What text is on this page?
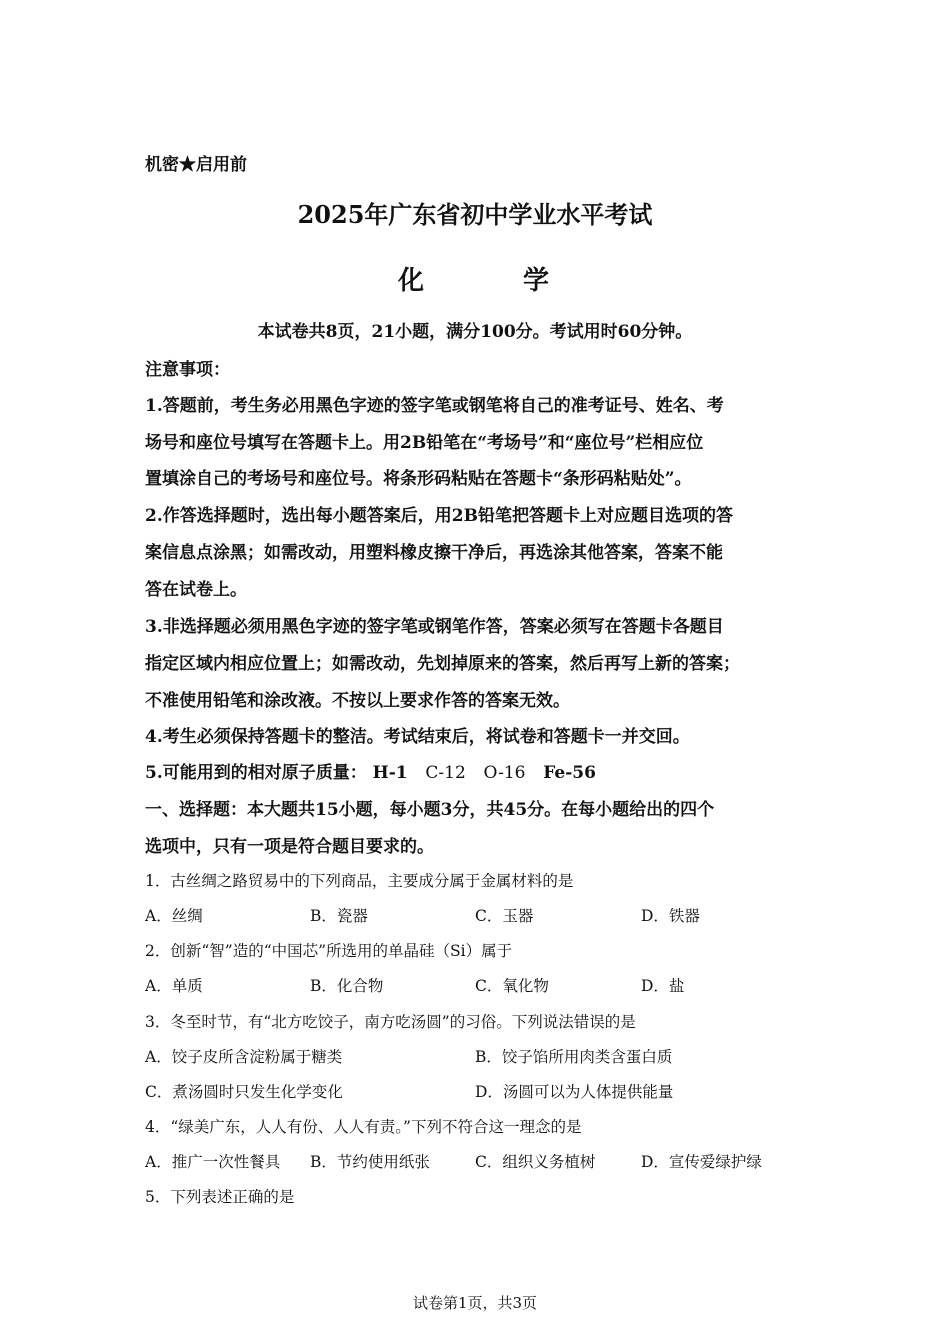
机密★启用前
2025年广东省初中学业水平考试
化	学
本试卷共8页，21小题，满分100分。考试用时60分钟。
注意事项：
1.答题前，考生务必用黑色字迹的签字笔或钢笔将自己的准考证号、姓名、考
场号和座位号填写在答题卡上。用2B铅笔在“考场号”和“座位号”栏相应位
置填涂自己的考场号和座位号。将条形码粘贴在答题卡“条形码粘贴处”。
2.作答选择题时，选出每小题答案后，用2B铅笔把答题卡上对应题目选项的答
案信息点涂黑；如需改动，用塑料橡皮擦干净后，再选涂其他答案，答案不能
答在试卷上。
3.非选择题必须用黑色字迹的签字笔或钢笔作答，答案必须写在答题卡各题目
指定区域内相应位置上；如需改动，先划掉原来的答案，然后再写上新的答案；
不准使用铅笔和涂改液。不按以上要求作答的答案无效。
4.考生必须保持答题卡的整洁。考试结束后，将试卷和答题卡一并交回。
5.可能用到的相对原子质量： H-1 C-12 O-16 Fe-56
一、选择题：本大题共15小题，每小题3分，共45分。在每小题给出的四个
选项中，只有一项是符合题目要求的。
1．古丝绸之路贸易中的下列商品，主要成分属于金属材料的是
A．丝绸	B．瓷器	C．玉器	D．铁器
2．创新“智”造的“中国芯”所选用的单晶硅（Si）属于
A．单质	B．化合物	C．氧化物	D．盐
3．冬至时节，有“北方吃饺子，南方吃汤圆”的习俗。下列说法错误的是
A．饺子皮所含淀粉属于糖类	B．饺子馅所用肉类含蛋白质
C．煮汤圆时只发生化学变化	D．汤圆可以为人体提供能量
4．“绿美广东，人人有份、人人有责。”下列不符合这一理念的是
A．推广一次性餐具 B．节约使用纸张	C．组织义务植树	D．宣传爱绿护绿
5．下列表述正确的是
试卷第1页，共3页
